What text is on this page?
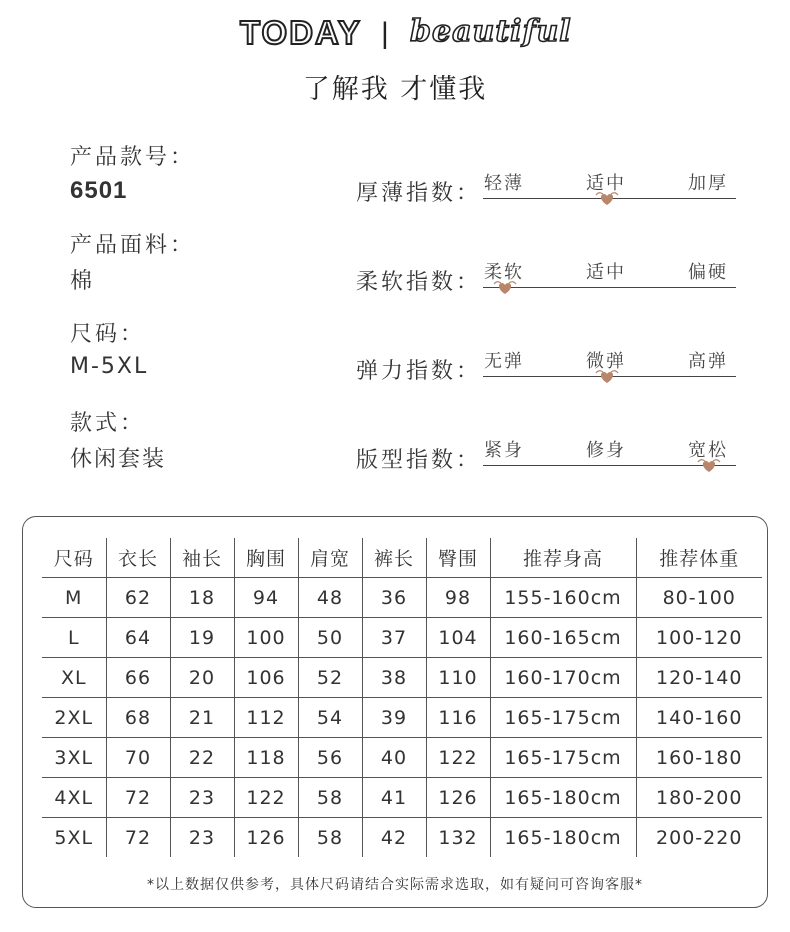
TODAY | beautiful
了解我 才懂我
产品款号：
6501
产品面料：
棉
尺码：
M-5XL
款式：
休闲套装
厚薄指数： 轻薄	适中	加厚
柔软指数： 柔软	适中	偏硬
弹力指数： 无弹	微弹	高弹
版型指数： 紧身	修身	宽松
尺码	衣长	袖长	胸围	肩宽	裤长	臀围	推荐身高	推荐体重
M	62	18	94	48	36	98	155-160cm	80-100
L	64	19	100	50	37	104	160-165cm	100-120
XL	66	20	106	52	38	110	160-170cm	120-140
2XL	68	21	112	54	39	116	165-175cm	140-160
3XL	70	22	118	56	40	122	165-175cm	160-180
4XL	72	23	122	58	41	126	165-180cm	180-200
5XL	72	23	126	58	42	132	165-180cm	200-220
*以上数据仅供参考，具体尺码请结合实际需求选取，如有疑问可咨询客服*
